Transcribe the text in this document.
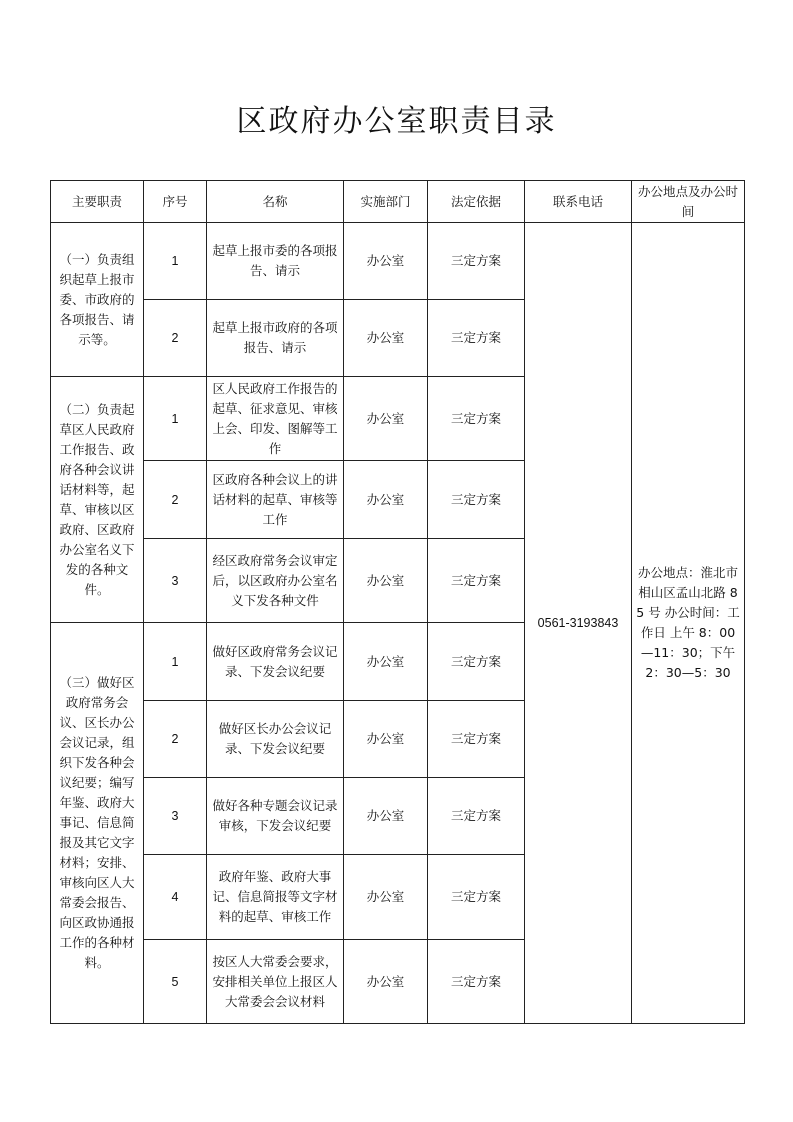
区政府办公室职责目录
主要职责	序号	名称	实施部门	法定依据	联系电话	办公地点及办公时间
（一）负责组织起草上报市委、市政府的各项报告、请示等。	1	起草上报市委的各项报告、请示	办公室	三定方案	0561-3193843	办公地点：淮北市相山区孟山北路 85 号 办公时间：工作日 上午 8：00—11：30；下午 2：30—5：30
	2	起草上报市政府的各项报告、请示	办公室	三定方案		
（二）负责起草区人民政府工作报告、政府各种会议讲话材料等，起草、审核以区政府、区政府办公室名义下发的各种文件。	1	区人民政府工作报告的起草、征求意见、审核上会、印发、图解等工作	办公室	三定方案		
	2	区政府各种会议上的讲话材料的起草、审核等工作	办公室	三定方案		
	3	经区政府常务会议审定后，以区政府办公室名义下发各种文件	办公室	三定方案		
（三）做好区政府常务会议、区长办公会议记录，组织下发各种会议纪要；编写年鉴、政府大事记、信息简报及其它文字材料；安排、审核向区人大常委会报告、向区政协通报工作的各种材料。	1	做好区政府常务会议记录、下发会议纪要	办公室	三定方案		
	2	做好区长办公会议记录、下发会议纪要	办公室	三定方案		
	3	做好各种专题会议记录审核，下发会议纪要	办公室	三定方案		
	4	政府年鉴、政府大事记、信息简报等文字材料的起草、审核工作	办公室	三定方案		
	5	按区人大常委会要求，安排相关单位上报区人大常委会会议材料	办公室	三定方案		
